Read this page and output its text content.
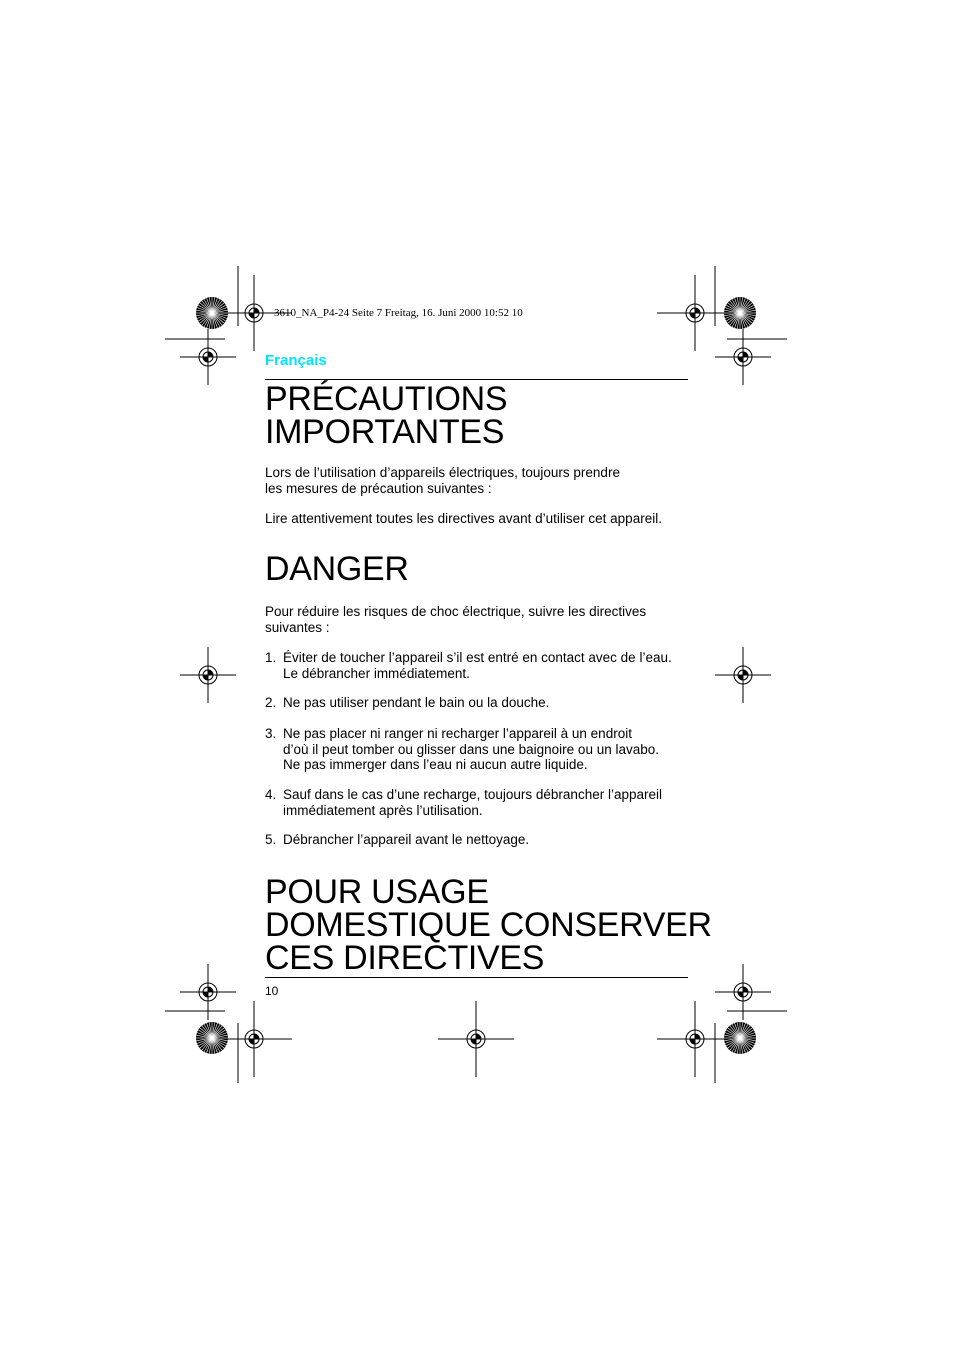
3610_NA_P4-24 Seite 7 Freitag, 16. Juni 2000 10:52 10
Français
PRÉCAUTIONS
IMPORTANTES
Lors de l’utilisation d’appareils électriques, toujours prendre
les mesures de précaution suivantes :
Lire attentivement toutes les directives avant d’utiliser cet appareil.
DANGER
Pour réduire les risques de choc électrique, suivre les directives
suivantes :
1. Éviter de toucher l’appareil s’il est entré en contact avec de l’eau.
Le débrancher immédiatement.
2. Ne pas utiliser pendant le bain ou la douche.
3. Ne pas placer ni ranger ni recharger l’appareil à un endroit
d’où il peut tomber ou glisser dans une baignoire ou un lavabo.
Ne pas immerger dans l’eau ni aucun autre liquide.
4. Sauf dans le cas d’une recharge, toujours débrancher l’appareil
immédiatement après l’utilisation.
5. Débrancher l’appareil avant le nettoyage.
POUR USAGE
DOMESTIQUE CONSERVER
CES DIRECTIVES
10
